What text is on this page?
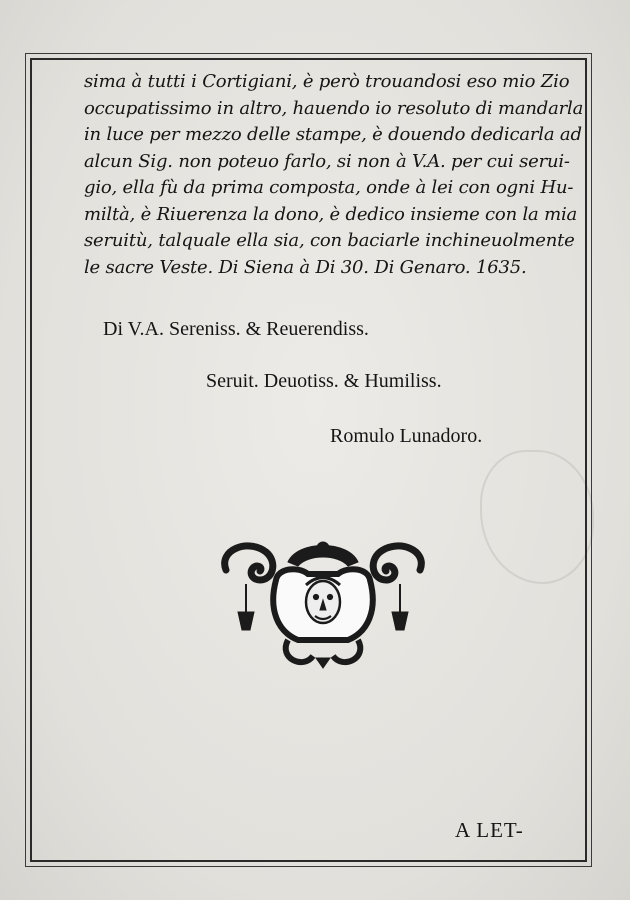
sima à tutti i Cortigiani, è però trouandosi eso mio Zio
occupatissimo in altro, hauendo io resoluto di mandarla
in luce per mezzo delle stampe, è douendo dedicarla ad
alcun Sig. non poteuo farlo, si non à V.A. per cui serui-
gio, ella fù da prima composta, onde à lei con ogni Hu-
miltà, è Riuerenza la dono, è dedico insieme con la mia
seruitù, talquale ella sia, con baciarle inchineuolmente
le sacre Veste. Di Siena à Di 30. Di Genaro. 1635.
Di V.A. Sereniss. & Reuerendiss.
Seruit. Deuotiss. & Humiliss.
Romulo Lunadoro.
A LET-
